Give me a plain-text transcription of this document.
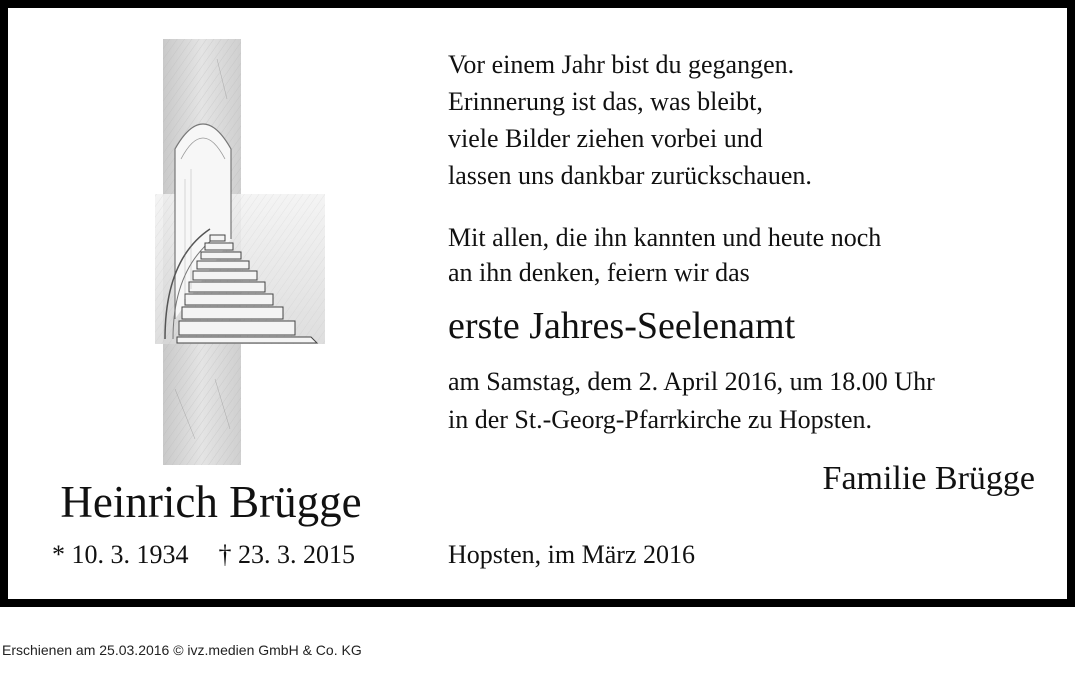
Heinrich Brügge
* 10. 3. 1934 † 23. 3. 2015
Vor einem Jahr bist du gegangen.
Erinnerung ist das, was bleibt,
viele Bilder ziehen vorbei und
lassen uns dankbar zurückschauen.
Mit allen, die ihn kannten und heute noch
an ihn denken, feiern wir das
erste Jahres-Seelenamt
am Samstag, dem 2. April 2016, um 18.00 Uhr
in der St.-Georg-Pfarrkirche zu Hopsten.
Familie Brügge
Hopsten, im März 2016
Erschienen am 25.03.2016 © ivz.medien GmbH & Co. KG
